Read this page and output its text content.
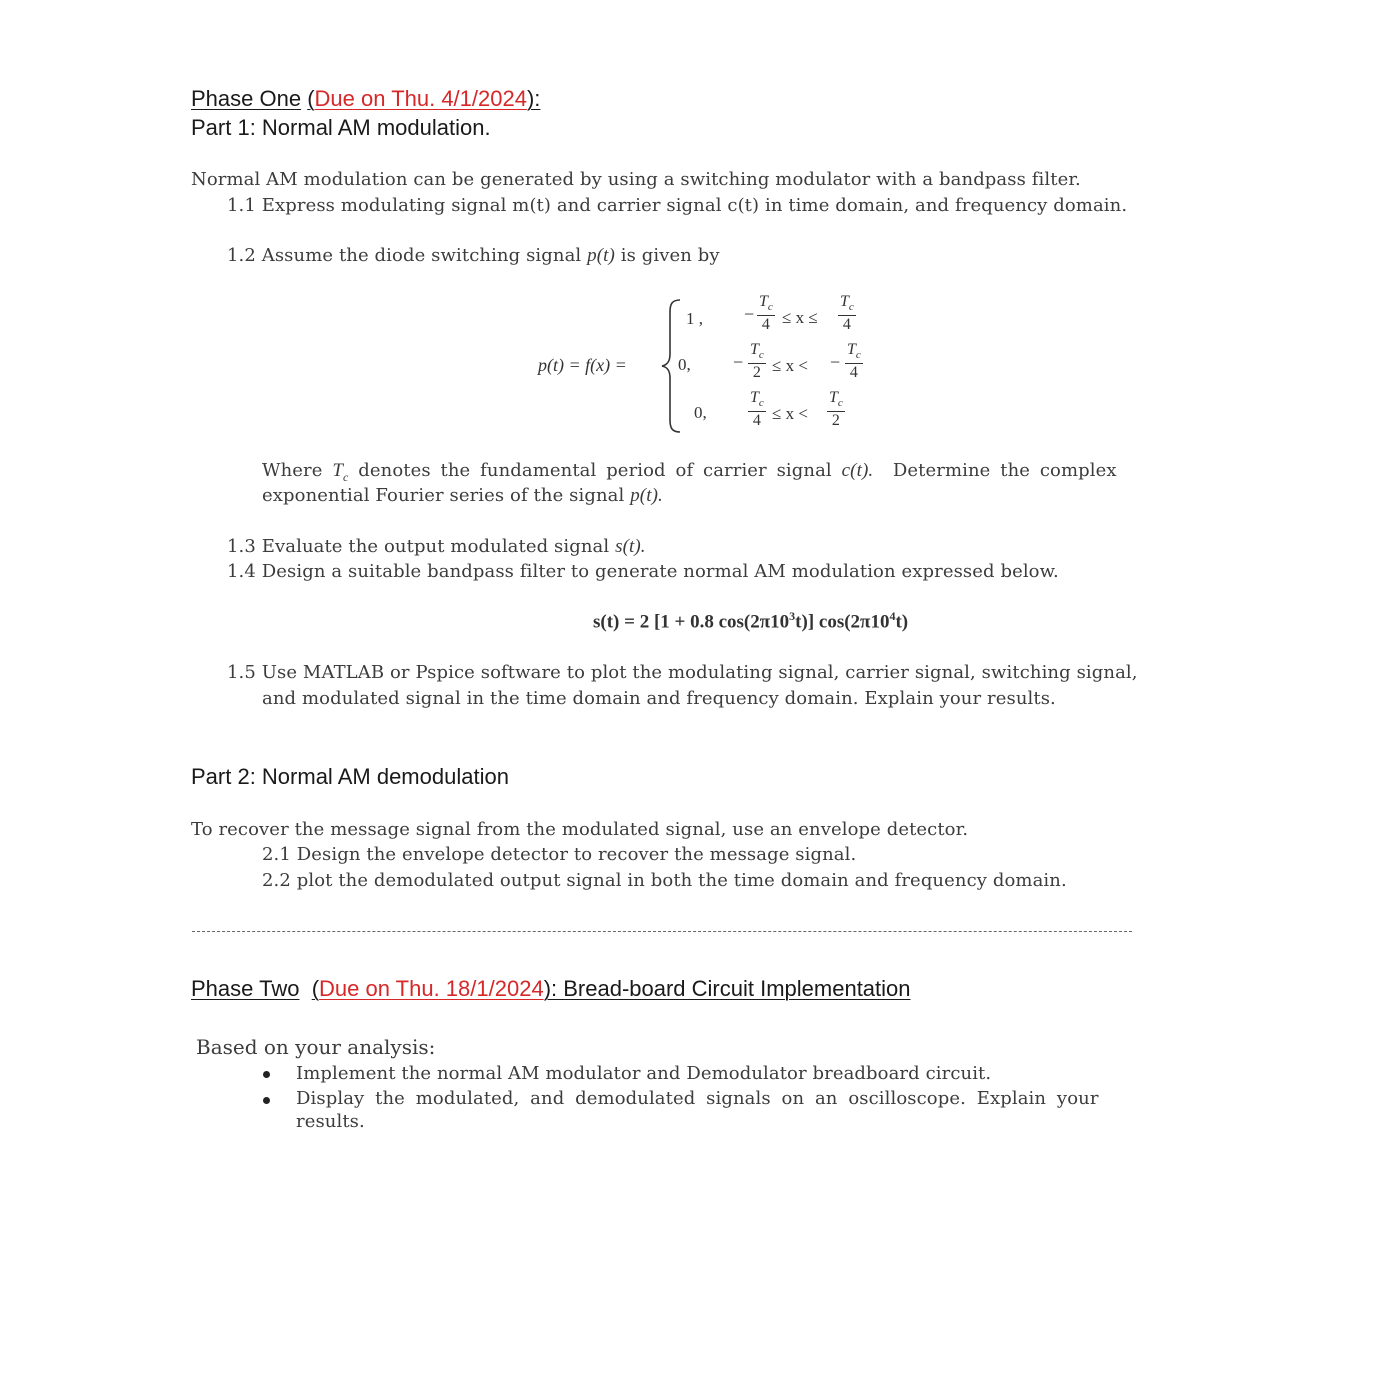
Phase One (Due on Thu. 4/1/2024):
Part 1: Normal AM modulation.
Normal AM modulation can be generated by using a switching modulator with a bandpass filter.
1.1 Express modulating signal m(t) and carrier signal c(t) in time domain, and frequency domain.
1.2 Assume the diode switching signal p(t) is given by
p(t) = f(x) =
1 ,
0,
0,
− $\frac{T_c}{4} \le x \le \frac{T_c}{4}$
− $\frac{T_c}{2} \le x$ < − $\frac{T_c}{4}$
$\frac{T_c}{4} \le x < \frac{T_c}{2}$
Where $T_c$ denotes the fundamental period of carrier signal c(t). Determine the complex
exponential Fourier series of the signal p(t).
1.3 Evaluate the output modulated signal s(t).
1.4 Design a suitable bandpass filter to generate normal AM modulation expressed below.
s(t) = 2 [1 + 0.8 $\cos(2\pi 10^3t)$] $\cos(2\pi 10^4t)$
1.5 Use MATLAB or Pspice software to plot the modulating signal, carrier signal, switching signal,
and modulated signal in the time domain and frequency domain. Explain your results.
Part 2: Normal AM demodulation
To recover the message signal from the modulated signal, use an envelope detector.
2.1 Design the envelope detector to recover the message signal.
2.2 plot the demodulated output signal in both the time domain and frequency domain.
Phase Two (Due on Thu. 18/1/2024): Bread-board Circuit Implementation
Based on your analysis:
Implement the normal AM modulator and Demodulator breadboard circuit.
Display the modulated, and demodulated signals on an oscilloscope. Explain your
results.
